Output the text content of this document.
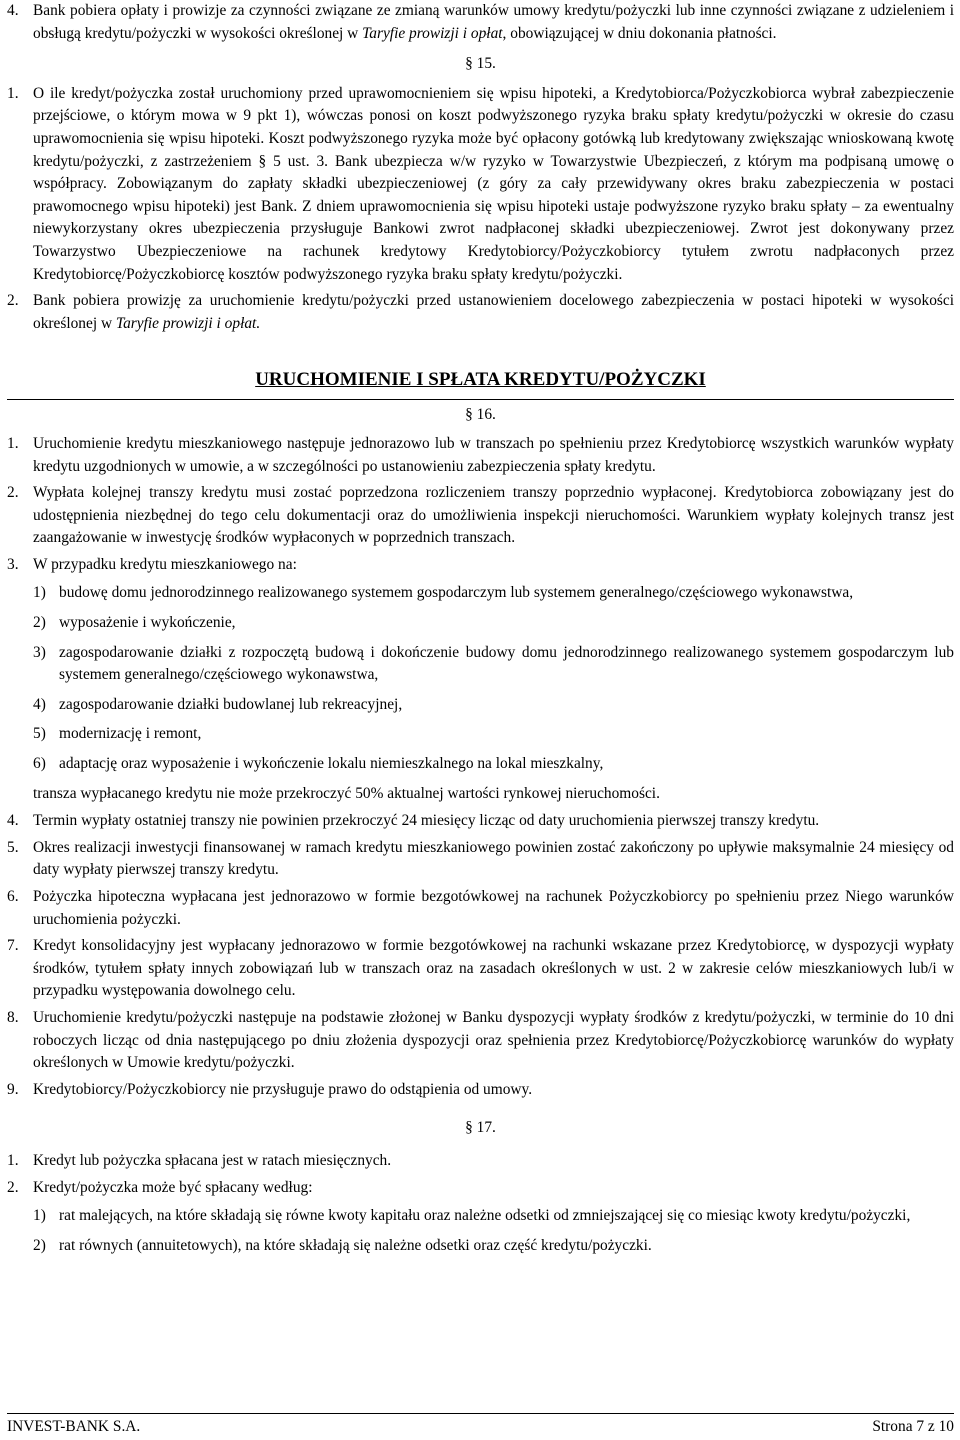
4. Bank pobiera opłaty i prowizje za czynności związane ze zmianą warunków umowy kredytu/pożyczki lub inne czynności związane z udzieleniem i obsługą kredytu/pożyczki w wysokości określonej w Taryfie prowizji i opłat, obowiązującej w dniu dokonania płatności.

§ 15.

1. O ile kredyt/pożyczka został uruchomiony przed uprawomocnieniem się wpisu hipoteki, a Kredytobiorca/Pożyczkobiorca wybrał zabezpieczenie przejściowe, o którym mowa w 9 pkt 1), wówczas ponosi on koszt podwyższonego ryzyka braku spłaty kredytu/pożyczki w okresie do czasu uprawomocnienia się wpisu hipoteki. Koszt podwyższonego ryzyka może być opłacony gotówką lub kredytowany zwiększając wnioskowaną kwotę kredytu/pożyczki, z zastrzeżeniem § 5 ust. 3. Bank ubezpiecza w/w ryzyko w Towarzystwie Ubezpieczeń, z którym ma podpisaną umowę o współpracy. Zobowiązanym do zapłaty składki ubezpieczeniowej (z góry za cały przewidywany okres braku zabezpieczenia w postaci prawomocnego wpisu hipoteki) jest Bank. Z dniem uprawomocnienia się wpisu hipoteki ustaje podwyższone ryzyko braku spłaty – za ewentualny niewykorzystany okres ubezpieczenia przysługuje Bankowi zwrot nadpłaconej składki ubezpieczeniowej. Zwrot jest dokonywany przez Towarzystwo Ubezpieczeniowe na rachunek kredytowy Kredytobiorcy/Pożyczkobiorcy tytułem zwrotu nadpłaconych przez Kredytobiorcę/Pożyczkobiorcę kosztów podwyższonego ryzyka braku spłaty kredytu/pożyczki.
2. Bank pobiera prowizję za uruchomienie kredytu/pożyczki przed ustanowieniem docelowego zabezpieczenia w postaci hipoteki w wysokości określonej w Taryfie prowizji i opłat.

URUCHOMIENIE I SPŁATA KREDYTU/POŻYCZKI

§ 16.

1. Uruchomienie kredytu mieszkaniowego następuje jednorazowo lub w transzach po spełnieniu przez Kredytobiorcę wszystkich warunków wypłaty kredytu uzgodnionych w umowie, a w szczególności po ustanowieniu zabezpieczenia spłaty kredytu.
2. Wypłata kolejnej transzy kredytu musi zostać poprzedzona rozliczeniem transzy poprzednio wypłaconej. Kredytobiorca zobowiązany jest do udostępnienia niezbędnej do tego celu dokumentacji oraz do umożliwienia inspekcji nieruchomości. Warunkiem wypłaty kolejnych transz jest zaangażowanie w inwestycję środków wypłaconych w poprzednich transzach.
3. W przypadku kredytu mieszkaniowego na:
1) budowę domu jednorodzinnego realizowanego systemem gospodarczym lub systemem generalnego/częściowego wykonawstwa,
2) wyposażenie i wykończenie,
3) zagospodarowanie działki z rozpoczętą budową i dokończenie budowy domu jednorodzinnego realizowanego systemem gospodarczym lub systemem generalnego/częściowego wykonawstwa,
4) zagospodarowanie działki budowlanej lub rekreacyjnej,
5) modernizację i remont,
6) adaptację oraz wyposażenie i wykończenie lokalu niemieszkalnego na lokal mieszkalny,
transza wypłacanego kredytu nie może przekroczyć 50% aktualnej wartości rynkowej nieruchomości.
4. Termin wypłaty ostatniej transzy nie powinien przekroczyć 24 miesięcy licząc od daty uruchomienia pierwszej transzy kredytu.
5. Okres realizacji inwestycji finansowanej w ramach kredytu mieszkaniowego powinien zostać zakończony po upływie maksymalnie 24 miesięcy od daty wypłaty pierwszej transzy kredytu.
6. Pożyczka hipoteczna wypłacana jest jednorazowo w formie bezgotówkowej na rachunek Pożyczkobiorcy po spełnieniu przez Niego warunków uruchomienia pożyczki.
7. Kredyt konsolidacyjny jest wypłacany jednorazowo w formie bezgotówkowej na rachunki wskazane przez Kredytobiorcę, w dyspozycji wypłaty środków, tytułem spłaty innych zobowiązań lub w transzach oraz na zasadach określonych w ust. 2 w zakresie celów mieszkaniowych lub/i w przypadku występowania dowolnego celu.
8. Uruchomienie kredytu/pożyczki następuje na podstawie złożonej w Banku dyspozycji wypłaty środków z kredytu/pożyczki, w terminie do 10 dni roboczych licząc od dnia następującego po dniu złożenia dyspozycji oraz spełnienia przez Kredytobiorcę/Pożyczkobiorcę warunków do wypłaty określonych w Umowie kredytu/pożyczki.
9. Kredytobiorcy/Pożyczkobiorcy nie przysługuje prawo do odstąpienia od umowy.

§ 17.

1. Kredyt lub pożyczka spłacana jest w ratach miesięcznych.
2. Kredyt/pożyczka może być spłacany według:
1) rat malejących, na które składają się równe kwoty kapitału oraz należne odsetki od zmniejszającej się co miesiąc kwoty kredytu/pożyczki,
2) rat równych (annuitetowych), na które składają się należne odsetki oraz część kredytu/pożyczki.
INVEST-BANK S.A.	Strona 7 z 10
